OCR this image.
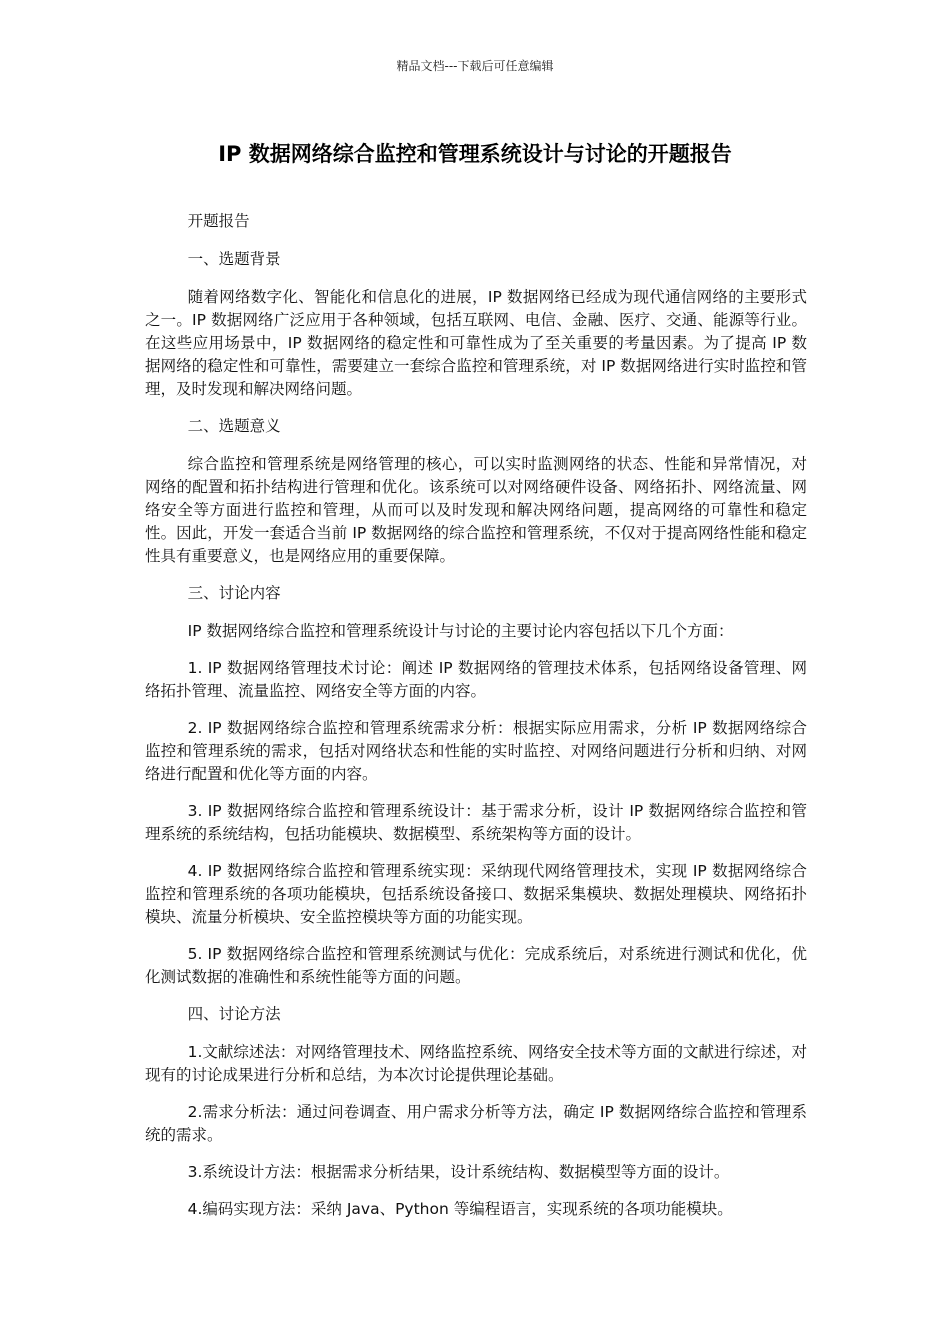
精品文档---下载后可任意编辑
IP 数据网络综合监控和管理系统设计与讨论的开题报告

开题报告

一、选题背景

随着网络数字化、智能化和信息化的进展，IP 数据网络已经成为现代通信网络的主要形式之一。IP 数据网络广泛应用于各种领域，包括互联网、电信、金融、医疗、交通、能源等行业。在这些应用场景中，IP 数据网络的稳定性和可靠性成为了至关重要的考量因素。为了提高 IP 数据网络的稳定性和可靠性，需要建立一套综合监控和管理系统，对 IP 数据网络进行实时监控和管理，及时发现和解决网络问题。

二、选题意义

综合监控和管理系统是网络管理的核心，可以实时监测网络的状态、性能和异常情况，对网络的配置和拓扑结构进行管理和优化。该系统可以对网络硬件设备、网络拓扑、网络流量、网络安全等方面进行监控和管理，从而可以及时发现和解决网络问题，提高网络的可靠性和稳定性。因此，开发一套适合当前 IP 数据网络的综合监控和管理系统，不仅对于提高网络性能和稳定性具有重要意义，也是网络应用的重要保障。

三、讨论内容

IP 数据网络综合监控和管理系统设计与讨论的主要讨论内容包括以下几个方面：

1. IP 数据网络管理技术讨论：阐述 IP 数据网络的管理技术体系，包括网络设备管理、网络拓扑管理、流量监控、网络安全等方面的内容。

2. IP 数据网络综合监控和管理系统需求分析：根据实际应用需求，分析 IP 数据网络综合监控和管理系统的需求，包括对网络状态和性能的实时监控、对网络问题进行分析和归纳、对网络进行配置和优化等方面的内容。

3. IP 数据网络综合监控和管理系统设计：基于需求分析，设计 IP 数据网络综合监控和管理系统的系统结构，包括功能模块、数据模型、系统架构等方面的设计。

4. IP 数据网络综合监控和管理系统实现：采纳现代网络管理技术，实现 IP 数据网络综合监控和管理系统的各项功能模块，包括系统设备接口、数据采集模块、数据处理模块、网络拓扑模块、流量分析模块、安全监控模块等方面的功能实现。

5. IP 数据网络综合监控和管理系统测试与优化：完成系统后，对系统进行测试和优化，优化测试数据的准确性和系统性能等方面的问题。

四、讨论方法

1.文献综述法：对网络管理技术、网络监控系统、网络安全技术等方面的文献进行综述，对现有的讨论成果进行分析和总结，为本次讨论提供理论基础。

2.需求分析法：通过问卷调查、用户需求分析等方法，确定 IP 数据网络综合监控和管理系统的需求。

3.系统设计方法：根据需求分析结果，设计系统结构、数据模型等方面的设计。

4.编码实现方法：采纳 Java、Python 等编程语言，实现系统的各项功能模块。
